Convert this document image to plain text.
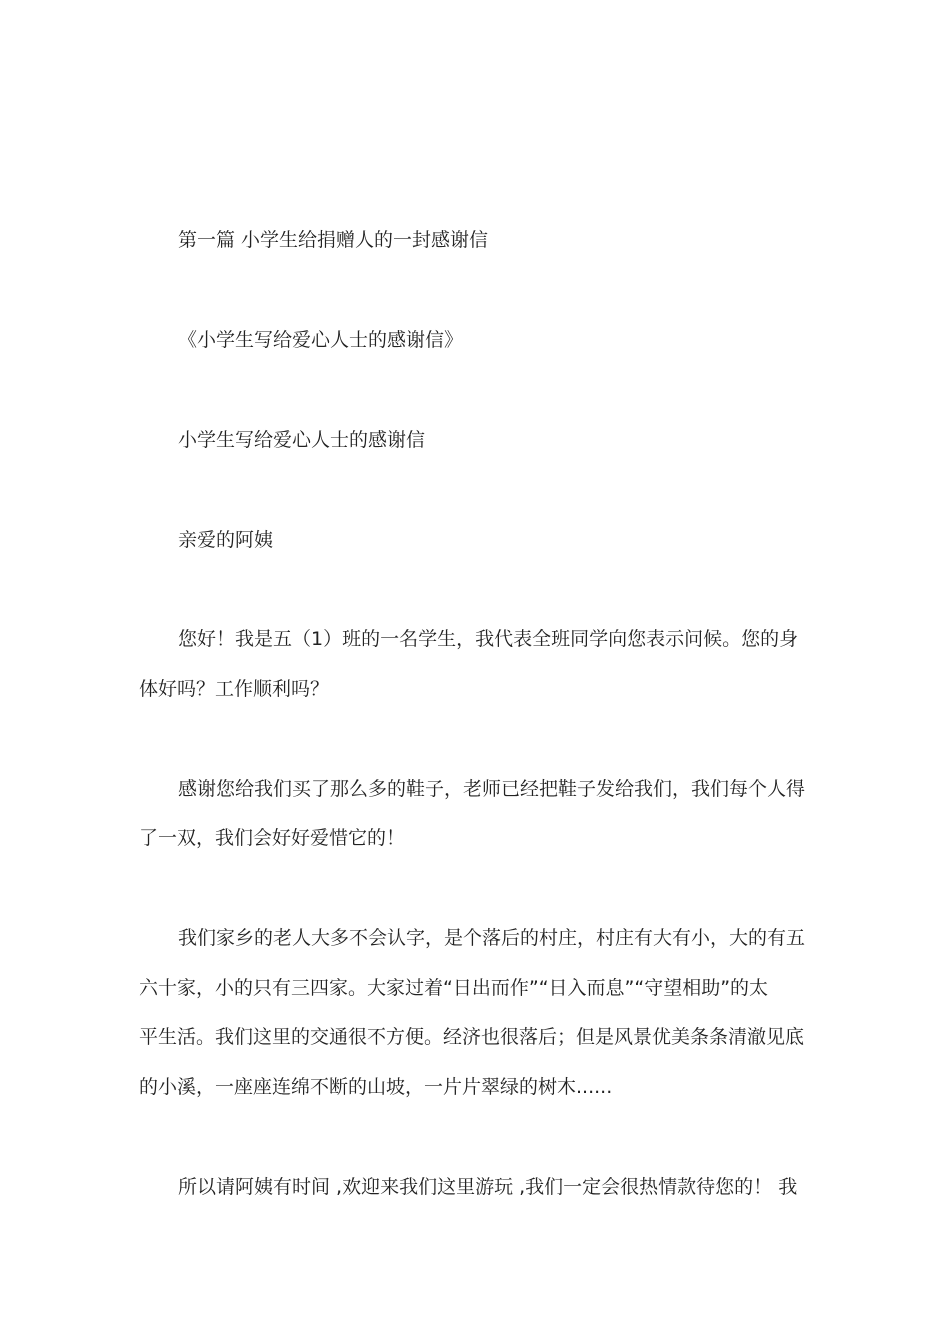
第一篇 小学生给捐赠人的一封感谢信
《小学生写给爱心人士的感谢信》
小学生写给爱心人士的感谢信
亲爱的阿姨
您好！我是五（1）班的一名学生，我代表全班同学向您表示问候。您的身
体好吗？工作顺利吗？
感谢您给我们买了那么多的鞋子，老师已经把鞋子发给我们，我们每个人得
了一双，我们会好好爱惜它的！
我们家乡的老人大多不会认字，是个落后的村庄，村庄有大有小，大的有五
六十家，小的只有三四家。大家过着“日出而作”“日入而息”“守望相助”的太
平生活。我们这里的交通很不方便。经济也很落后；但是风景优美条条清澈见底
的小溪，一座座连绵不断的山坡，一片片翠绿的树木......
所以请阿姨有时间 ,欢迎来我们这里游玩 ,我们一定会很热情款待您的！ 我
